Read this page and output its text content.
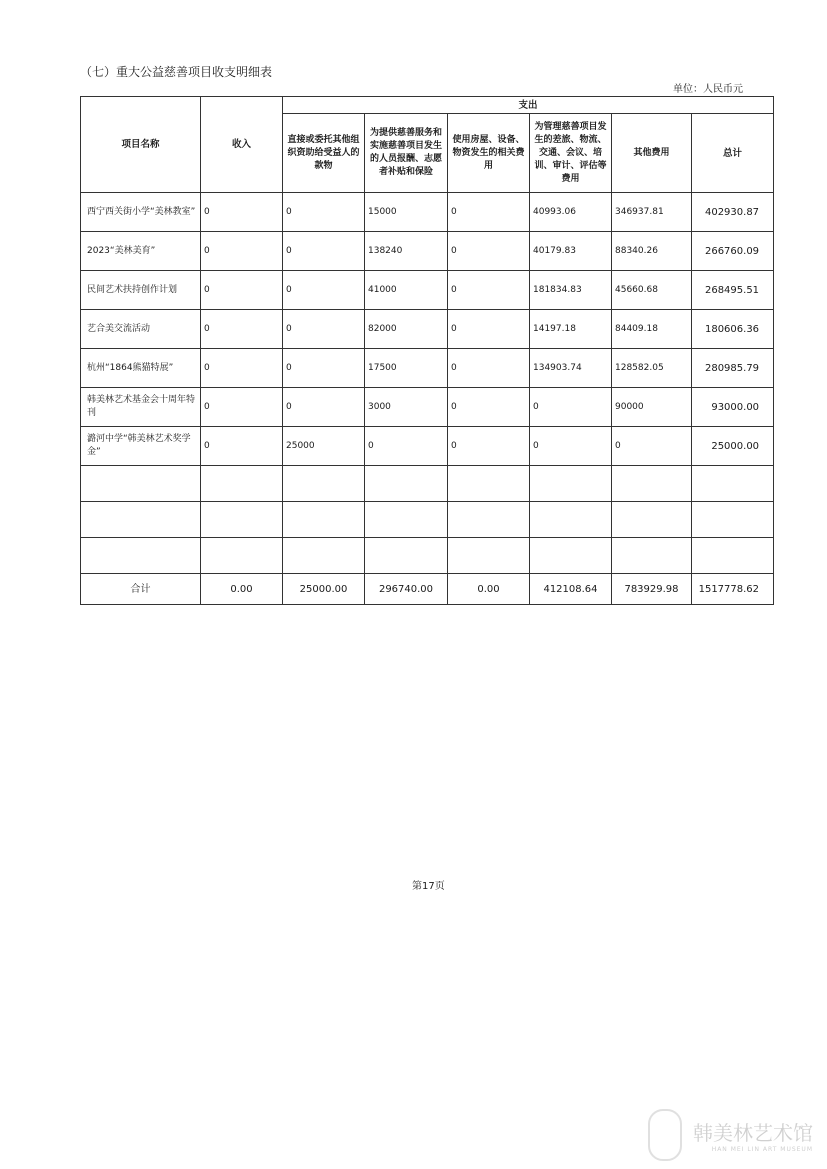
（七）重大公益慈善项目收支明细表
单位：人民币元
项目名称	收入	支出					
		直接或委托其他组织资助给受益人的款物	为提供慈善服务和实施慈善项目发生的人员报酬、志愿者补贴和保险	使用房屋、设备、物资发生的相关费用	为管理慈善项目发生的差旅、物流、交通、会议、培训、审计、评估等费用	其他费用	总计
西宁西关街小学“美林教室”	0	0	15000	0	40993.06	346937.81	402930.87
2023“美林美育”	0	0	138240	0	40179.83	88340.26	266760.09
民间艺术扶持创作计划	0	0	41000	0	181834.83	45660.68	268495.51
艺合美交流活动	0	0	82000	0	14197.18	84409.18	180606.36
杭州“1864熊猫特展”	0	0	17500	0	134903.74	128582.05	280985.79
韩美林艺术基金会十周年特刊	0	0	3000	0	0	90000	93000.00
潞河中学“韩美林艺术奖学金”	0	25000	0	0	0	0	25000.00

合计	0.00	25000.00	296740.00	0.00	412108.64	783929.98	1517778.62
第17页

韩美林艺术馆
HAN MEI LIN ART MUSEUM
